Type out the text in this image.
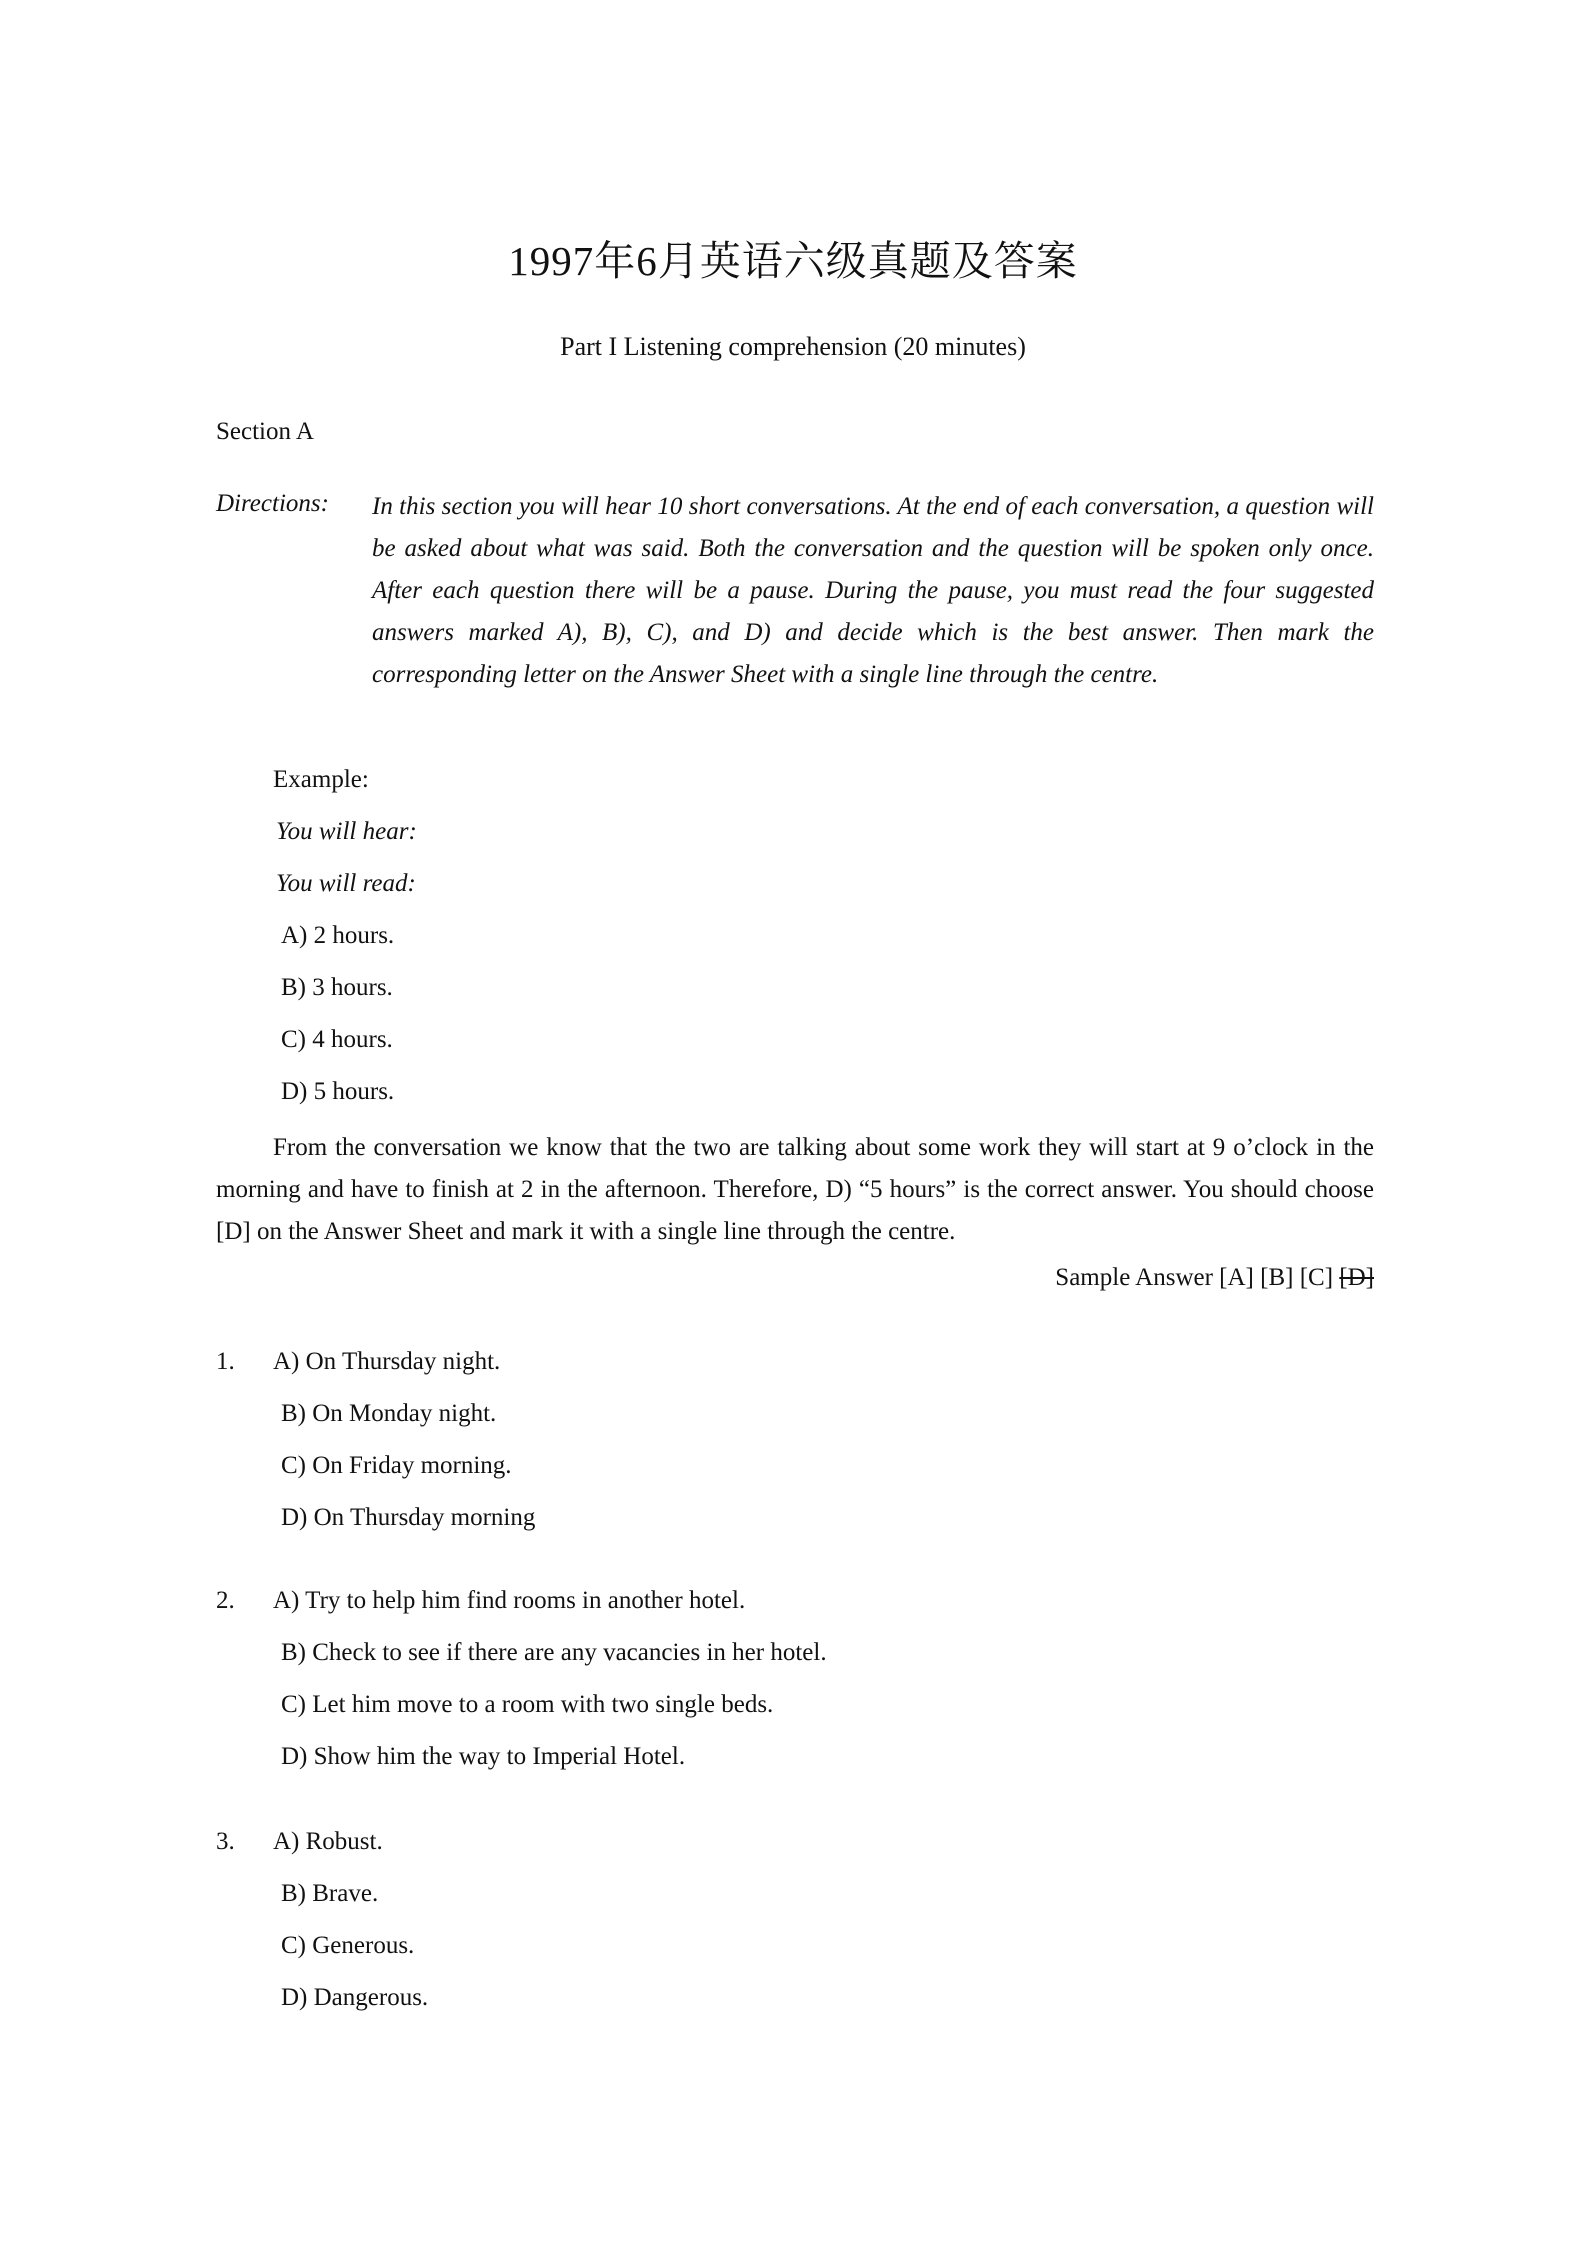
1997年6月英语六级真题及答案
Part I Listening comprehension (20 minutes)
Section A
Directions: In this section you will hear 10 short conversations. At the end of each conversation, a question will be asked about what was said. Both the conversation and the question will be spoken only once. After each question there will be a pause. During the pause, you must read the four suggested answers marked A), B), C), and D) and decide which is the best answer. Then mark the corresponding letter on the Answer Sheet with a single line through the centre.
Example:
You will hear:
You will read:
A) 2 hours.
B) 3 hours.
C) 4 hours.
D) 5 hours.
From the conversation we know that the two are talking about some work they will start at 9 o’clock in the morning and have to finish at 2 in the afternoon. Therefore, D) “5 hours” is the correct answer. You should choose [D] on the Answer Sheet and mark it with a single line through the centre.
Sample Answer [A] [B] [C] [D]
1. A) On Thursday night.
B) On Monday night.
C) On Friday morning.
D) On Thursday morning
2. A) Try to help him find rooms in another hotel.
B) Check to see if there are any vacancies in her hotel.
C) Let him move to a room with two single beds.
D) Show him the way to Imperial Hotel.
3. A) Robust.
B) Brave.
C) Generous.
D) Dangerous.
